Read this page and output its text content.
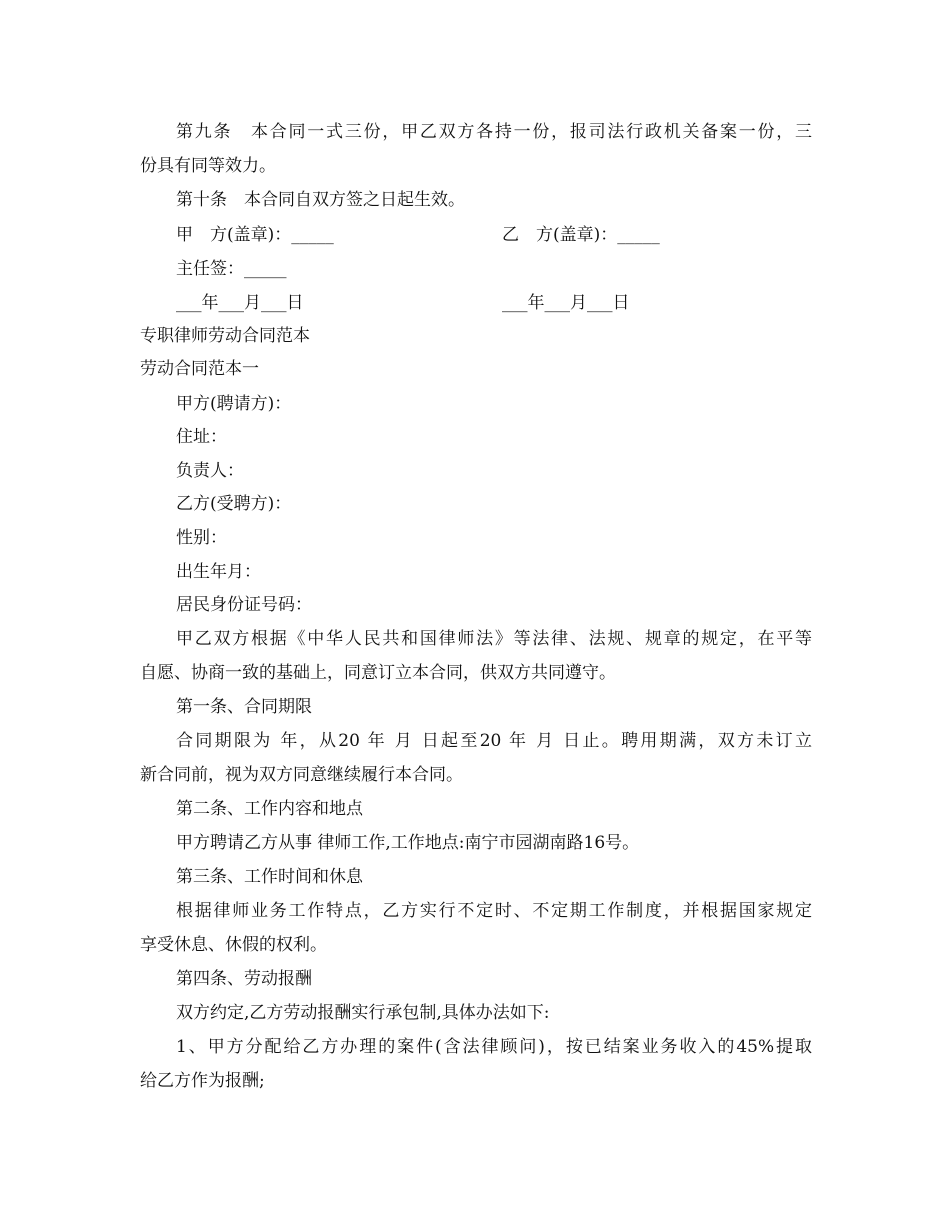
第九条　本合同一式三份，甲乙双方各持一份，报司法行政机关备案一份，三
份具有同等效力。
第十条　本合同自双方签之日起生效。
甲　方(盖章)：_____	乙　方(盖章)：_____
主任签：_____
___年___月___日	___年___月___日
专职律师劳动合同范本
劳动合同范本一
甲方(聘请方)：
住址：
负责人：
乙方(受聘方)：
性别：
出生年月：
居民身份证号码：
甲乙双方根据《中华人民共和国律师法》等法律、法规、规章的规定，在平等
自愿、协商一致的基础上，同意订立本合同，供双方共同遵守。
第一条、合同期限
合同期限为 年，从20 年 月 日起至20 年 月 日止。聘用期满，双方未订立
新合同前，视为双方同意继续履行本合同。
第二条、工作内容和地点
甲方聘请乙方从事 律师工作,工作地点:南宁市园湖南路16号。
第三条、工作时间和休息
根据律师业务工作特点，乙方实行不定时、不定期工作制度，并根据国家规定
享受休息、休假的权利。
第四条、劳动报酬
双方约定,乙方劳动报酬实行承包制,具体办法如下:
1、甲方分配给乙方办理的案件(含法律顾问)，按已结案业务收入的45%提取
给乙方作为报酬;
